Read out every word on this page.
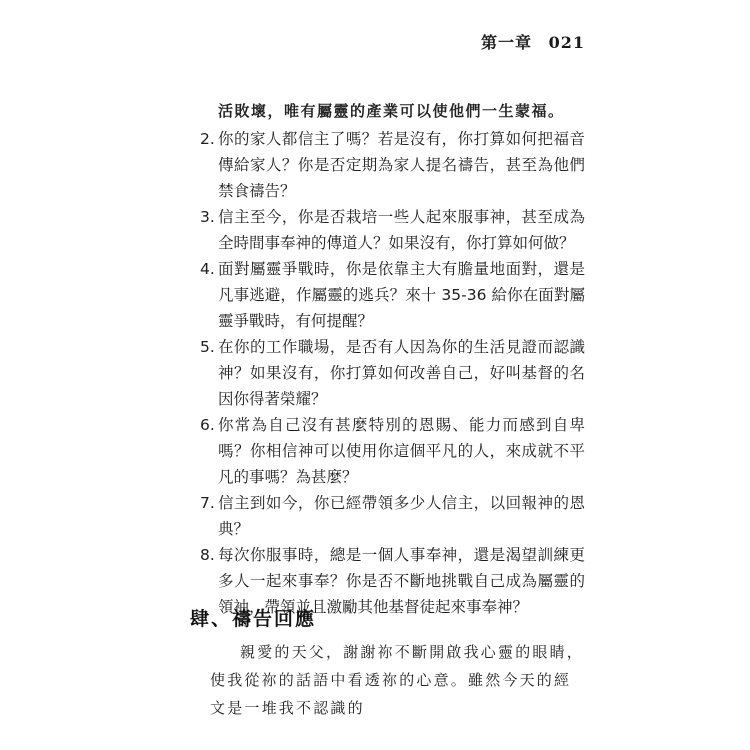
第一章 021
活敗壞，唯有屬靈的產業可以使他們一生蒙福。
2. 你的家人都信主了嗎？若是沒有，你打算如何把福音傳給家人？你是否定期為家人提名禱告，甚至為他們禁食禱告？
3. 信主至今，你是否栽培一些人起來服事神，甚至成為全時間事奉神的傳道人？如果沒有，你打算如何做？
4. 面對屬靈爭戰時，你是依靠主大有膽量地面對，還是凡事逃避，作屬靈的逃兵？來十 35-36 給你在面對屬靈爭戰時，有何提醒？
5. 在你的工作職場，是否有人因為你的生活見證而認識神？如果沒有，你打算如何改善自己，好叫基督的名因你得著榮耀？
6. 你常為自己沒有甚麼特別的恩賜、能力而感到自卑嗎？你相信神可以使用你這個平凡的人，來成就不平凡的事嗎？為甚麼？
7. 信主到如今，你已經帶領多少人信主，以回報神的恩典？
8. 每次你服事時，總是一個人事奉神，還是渴望訓練更多人一起來事奉？你是否不斷地挑戰自己成為屬靈的領袖，帶領並且激勵其他基督徒起來事奉神？
肆、禱告回應
親愛的天父，謝謝祢不斷開啟我心靈的眼睛，使我從祢的話語中看透祢的心意。雖然今天的經文是一堆我不認識的
